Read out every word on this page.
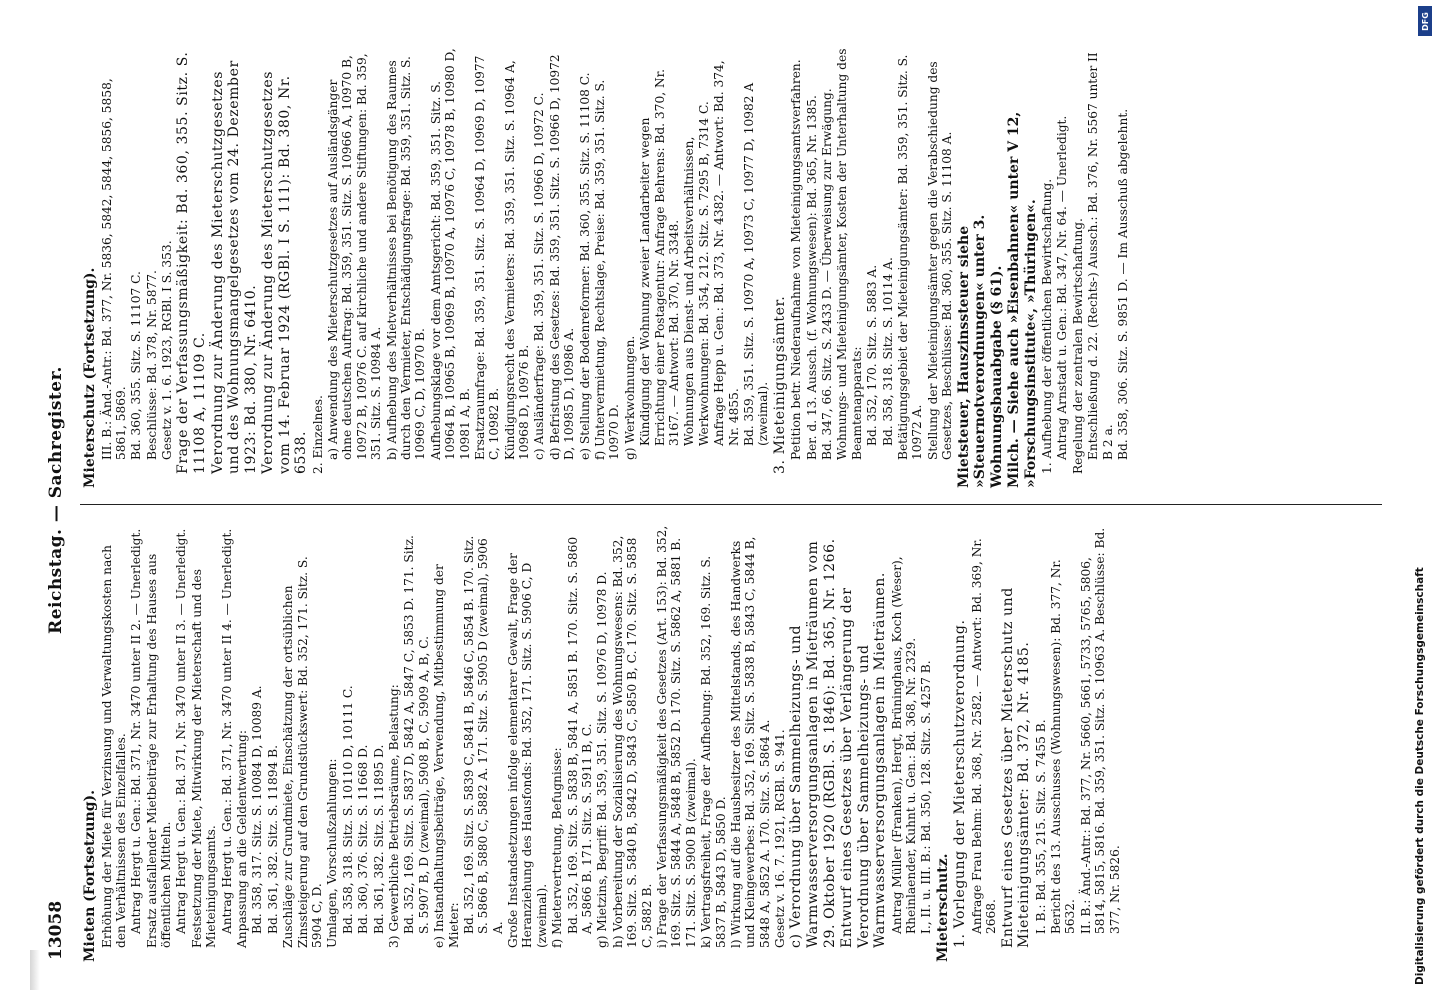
13058
Reichstag. — Sachregister.

Mieten (Fortsetzung). Erhöhung der Miete für Verzinsung und Verwaltungskosten nach den Verhältnissen des Einzelfalles. Antrag Hergt u. Gen.: Bd. 371, Nr. 3470 unter II 2. — Unerledigt. Ersatz ausfallender Mietbeiträge zur Erhaltung des Hauses aus öffentlichen Mitteln. Antrag Hergt u. Gen.: Bd. 371, Nr. 3470 unter II 3. — Unerledigt. Festsetzung der Miete, Mitwirkung der Mieterschaft und des Mieteinigungsamts. Antrag Hergt u. Gen.: Bd. 371, Nr. 3470 unter II 4. — Unerledigt. Anpassung an die Geldentwertung: Bd. 358, 317. Sitz. S. 10084 D, 10089 A. Bd. 361, 382. Sitz. S. 11894 B. Zuschläge zur Grundmiete, Einschätzung der ortsüblichen Zinssteigerung auf den Grundstückswert: Bd. 352, 171. Sitz. S. 5904 C, D. Umlagen, Vorschußzahlungen: Bd. 358, 318. Sitz. S. 10110 D, 10111 C. Bd. 360, 376. Sitz. S. 11668 D. Bd. 361, 382. Sitz. S. 11895 D. 3) Gewerbliche Betriebsräume, Belastung: Bd. 352, 169. Sitz. S. 5837 D, 5842 A, 5847 C, 5853 D. 171. Sitz. S. 5907 B, D (zweimal), 5908 B, C, 5909 A, B, C. e) Instandhaltungsbeiträge, Verwendung, Mitbestimmung der Mieter: Bd. 352, 169. Sitz. S. 5839 C, 5841 B, 5846 C, 5854 B. 170. Sitz. S. 5866 B, 5880 C, 5882 A. 171. Sitz. S. 5905 D (zweimal), 5906 A. Große Instandsetzungen infolge elementarer Gewalt, Frage der Heranziehung des Hausfonds: Bd. 352, 171. Sitz. S. 5906 C, D (zweimal). f) Mietervertretung, Befugnisse: Bd. 352, 169. Sitz. S. 5838 B, 5841 A, 5851 B. 170. Sitz. S. 5860 A, 5866 B. 171. Sitz. S. 5911 B, C. g) Mietzins, Begriff: Bd. 359, 351. Sitz. S. 10976 D, 10978 D. h) Vorbereitung der Sozialisierung des Wohnungswesens: Bd. 352, 169. Sitz. S. 5840 B, 5842 D, 5843 C, 5850 B, C. 170. Sitz. S. 5858 C, 5882 B. i) Frage der Verfassungsmäßigkeit des Gesetzes (Art. 153): Bd. 352, 169. Sitz. S. 5844 A, 5848 B, 5852 D. 170. Sitz. S. 5862 A, 5881 B. 171. Sitz. S. 5900 B (zweimal). k) Vertragsfreiheit, Frage der Aufhebung: Bd. 352, 169. Sitz. S. 5837 B, 5843 D, 5850 D. l) Wirkung auf die Hausbesitzer des Mittelstands, des Handwerks und Kleingewerbes: Bd. 352, 169. Sitz. S. 5838 B, 5843 C, 5844 B, 5848 A, 5852 A. 170. Sitz. S. 5864 A. Gesetz v. 16. 7. 1921, RGBl. S. 941. c) Verordnung über Sammelheizungs- und Warmwasserversorgungsanlagen in Mieträumen vom 29. Oktober 1920 (RGBl. S. 1846): Bd. 365, Nr. 1266. Entwurf eines Gesetzes über Verlängerung der Verordnung über Sammelheizungs- und Warmwasserversorgungsanlagen in Mieträumen. Antrag Müller (Franken), Hergt, Brüninghaus, Koch (Weser), Rheinlaender, Kuhnt u. Gen.: Bd. 368, Nr. 2329. I., II. u. III. B.: Bd. 350, 128. Sitz. S. 4257 B. Mieterschutz. 1. Vorlegung der Mieterschutzverordnung. Anfrage Frau Behm: Bd. 368, Nr. 2582. — Antwort: Bd. 369, Nr. 2668. Entwurf eines Gesetzes über Mieterschutz und Mieteinigungsämter: Bd. 372, Nr. 4185. I. B.: Bd. 355, 215. Sitz. S. 7455 B. Bericht des 13. Ausschusses (Wohnungswesen): Bd. 377, Nr. 5632. II. B.: Änd.-Antr.: Bd. 377, Nr. 5660, 5661, 5733, 5765, 5806, 5814, 5815, 5816. Bd. 359, 351. Sitz. S. 10963 A. Beschlüsse: Bd. 377, Nr. 5826.

Mieterschutz (Fortsetzung). III. B.: Änd.-Antr.: Bd. 377, Nr. 5836, 5842, 5844, 5856, 5858, 5861, 5869. Bd. 360, 355. Sitz. S. 11107 C. Beschlüsse: Bd. 378, Nr. 5877. Gesetz v. 1. 6. 1923, RGBl. I S. 353. Frage der Verfassungsmäßigkeit: Bd. 360, 355. Sitz. S. 11108 A, 11109 C. Verordnung zur Änderung des Mieterschutzgesetzes und des Wohnungsmangelgesetzes vom 24. Dezember 1923: Bd. 380, Nr. 6410. Verordnung zur Änderung des Mieterschutzgesetzes vom 14. Februar 1924 (RGBl. I S. 111): Bd. 380, Nr. 6538. 2. Einzelnes. a) Anwendung des Mieterschutzgesetzes auf Ausländsgänger ohne deutschen Auftrag: Bd. 359, 351. Sitz. S. 10966 A, 10970 B, 10972 B, 10976 C. auf kirchliche und andere Stiftungen: Bd. 359, 351. Sitz. S. 10984 A. b) Aufhebung des Mietverhältnisses bei Benötigung des Raumes durch den Vermieter, Entschädigungsfrage: Bd. 359, 351. Sitz. S. 10969 C, D, 10970 B. Aufhebungsklage vor dem Amtsgericht: Bd. 359, 351. Sitz. S. 10964 B, 10965 B, 10969 B, 10970 A, 10976 C, 10978 B, 10980 D, 10981 A, B. Ersatzraumfrage: Bd. 359, 351. Sitz. S. 10964 D, 10969 D, 10977 C, 10982 B. Kündigungsrecht des Vermieters: Bd. 359, 351. Sitz. S. 10964 A, 10968 D, 10976 B. c) Ausländerfrage: Bd. 359, 351. Sitz. S. 10966 D, 10972 C. d) Befristung des Gesetzes: Bd. 359, 351. Sitz. S. 10966 D, 10972 D, 10985 D, 10986 A. e) Stellung der Bodenreformer: Bd. 360, 355. Sitz. S. 11108 C. f) Untervermietung, Rechtslage, Preise: Bd. 359, 351. Sitz. S. 10970 D. g) Werkwohnungen. Kündigung der Wohnung zweier Landarbeiter wegen Errichtung einer Postagentur: Anfrage Behrens: Bd. 370, Nr. 3167. — Antwort: Bd. 370, Nr. 3348. Wohnungen aus Dienst- und Arbeitsverhältnissen, Werkwohnungen: Bd. 354, 212. Sitz. S. 7295 B, 7314 C. Anfrage Hepp u. Gen.: Bd. 373, Nr. 4382. — Antwort: Bd. 374, Nr. 4855. Bd. 359, 351. Sitz. S. 10970 A, 10973 C, 10977 D, 10982 A (zweimal). 3. Mieteinigungsämter. Petition betr. Niederaufnahme von Mieteinigungsamtsverfahren. Ber. d. 13. Aussch. (f. Wohnungswesen): Bd. 365, Nr. 1385. Bd. 347, 66. Sitz. S. 2433 D. — Überweisung zur Erwägung. Wohnungs- und Mieteinigungsämter, Kosten der Unterhaltung des Beamtenapparats: Bd. 352, 170. Sitz. S. 5883 A. Bd. 358, 318. Sitz. S. 10114 A. Betätigungsgebiet der Mieteinigungsämter: Bd. 359, 351. Sitz. S. 10972 A. Stellung der Mieteinigungsämter gegen die Verabschiedung des Gesetzes, Beschlüsse: Bd. 360, 355. Sitz. S. 11108 A. Mietsteuer, Hauszinssteuer siehe »Steuernotverordnungen« unter 3. Wohnungsbauabgabe (§ 61). Milch. — Siehe auch »Eisenbahnen« unter V 12, »Forschungsinstitute«, »Thüringen«. 1. Aufhebung der öffentlichen Bewirtschaftung. Antrag Arnstadt u. Gen.: Bd. 347, Nr. 64. — Unerledigt. Regelung der zentralen Bewirtschaftung. Entschließung d. 22. (Rechts-) Aussch.: Bd. 376, Nr. 5567 unter II B 2 a. Bd. 358, 306. Sitz. S. 9851 D. — Im Ausschuß abgelehnt.

Digitalisierung gefördert durch die Deutsche Forschungsgemeinschaft
DFG
